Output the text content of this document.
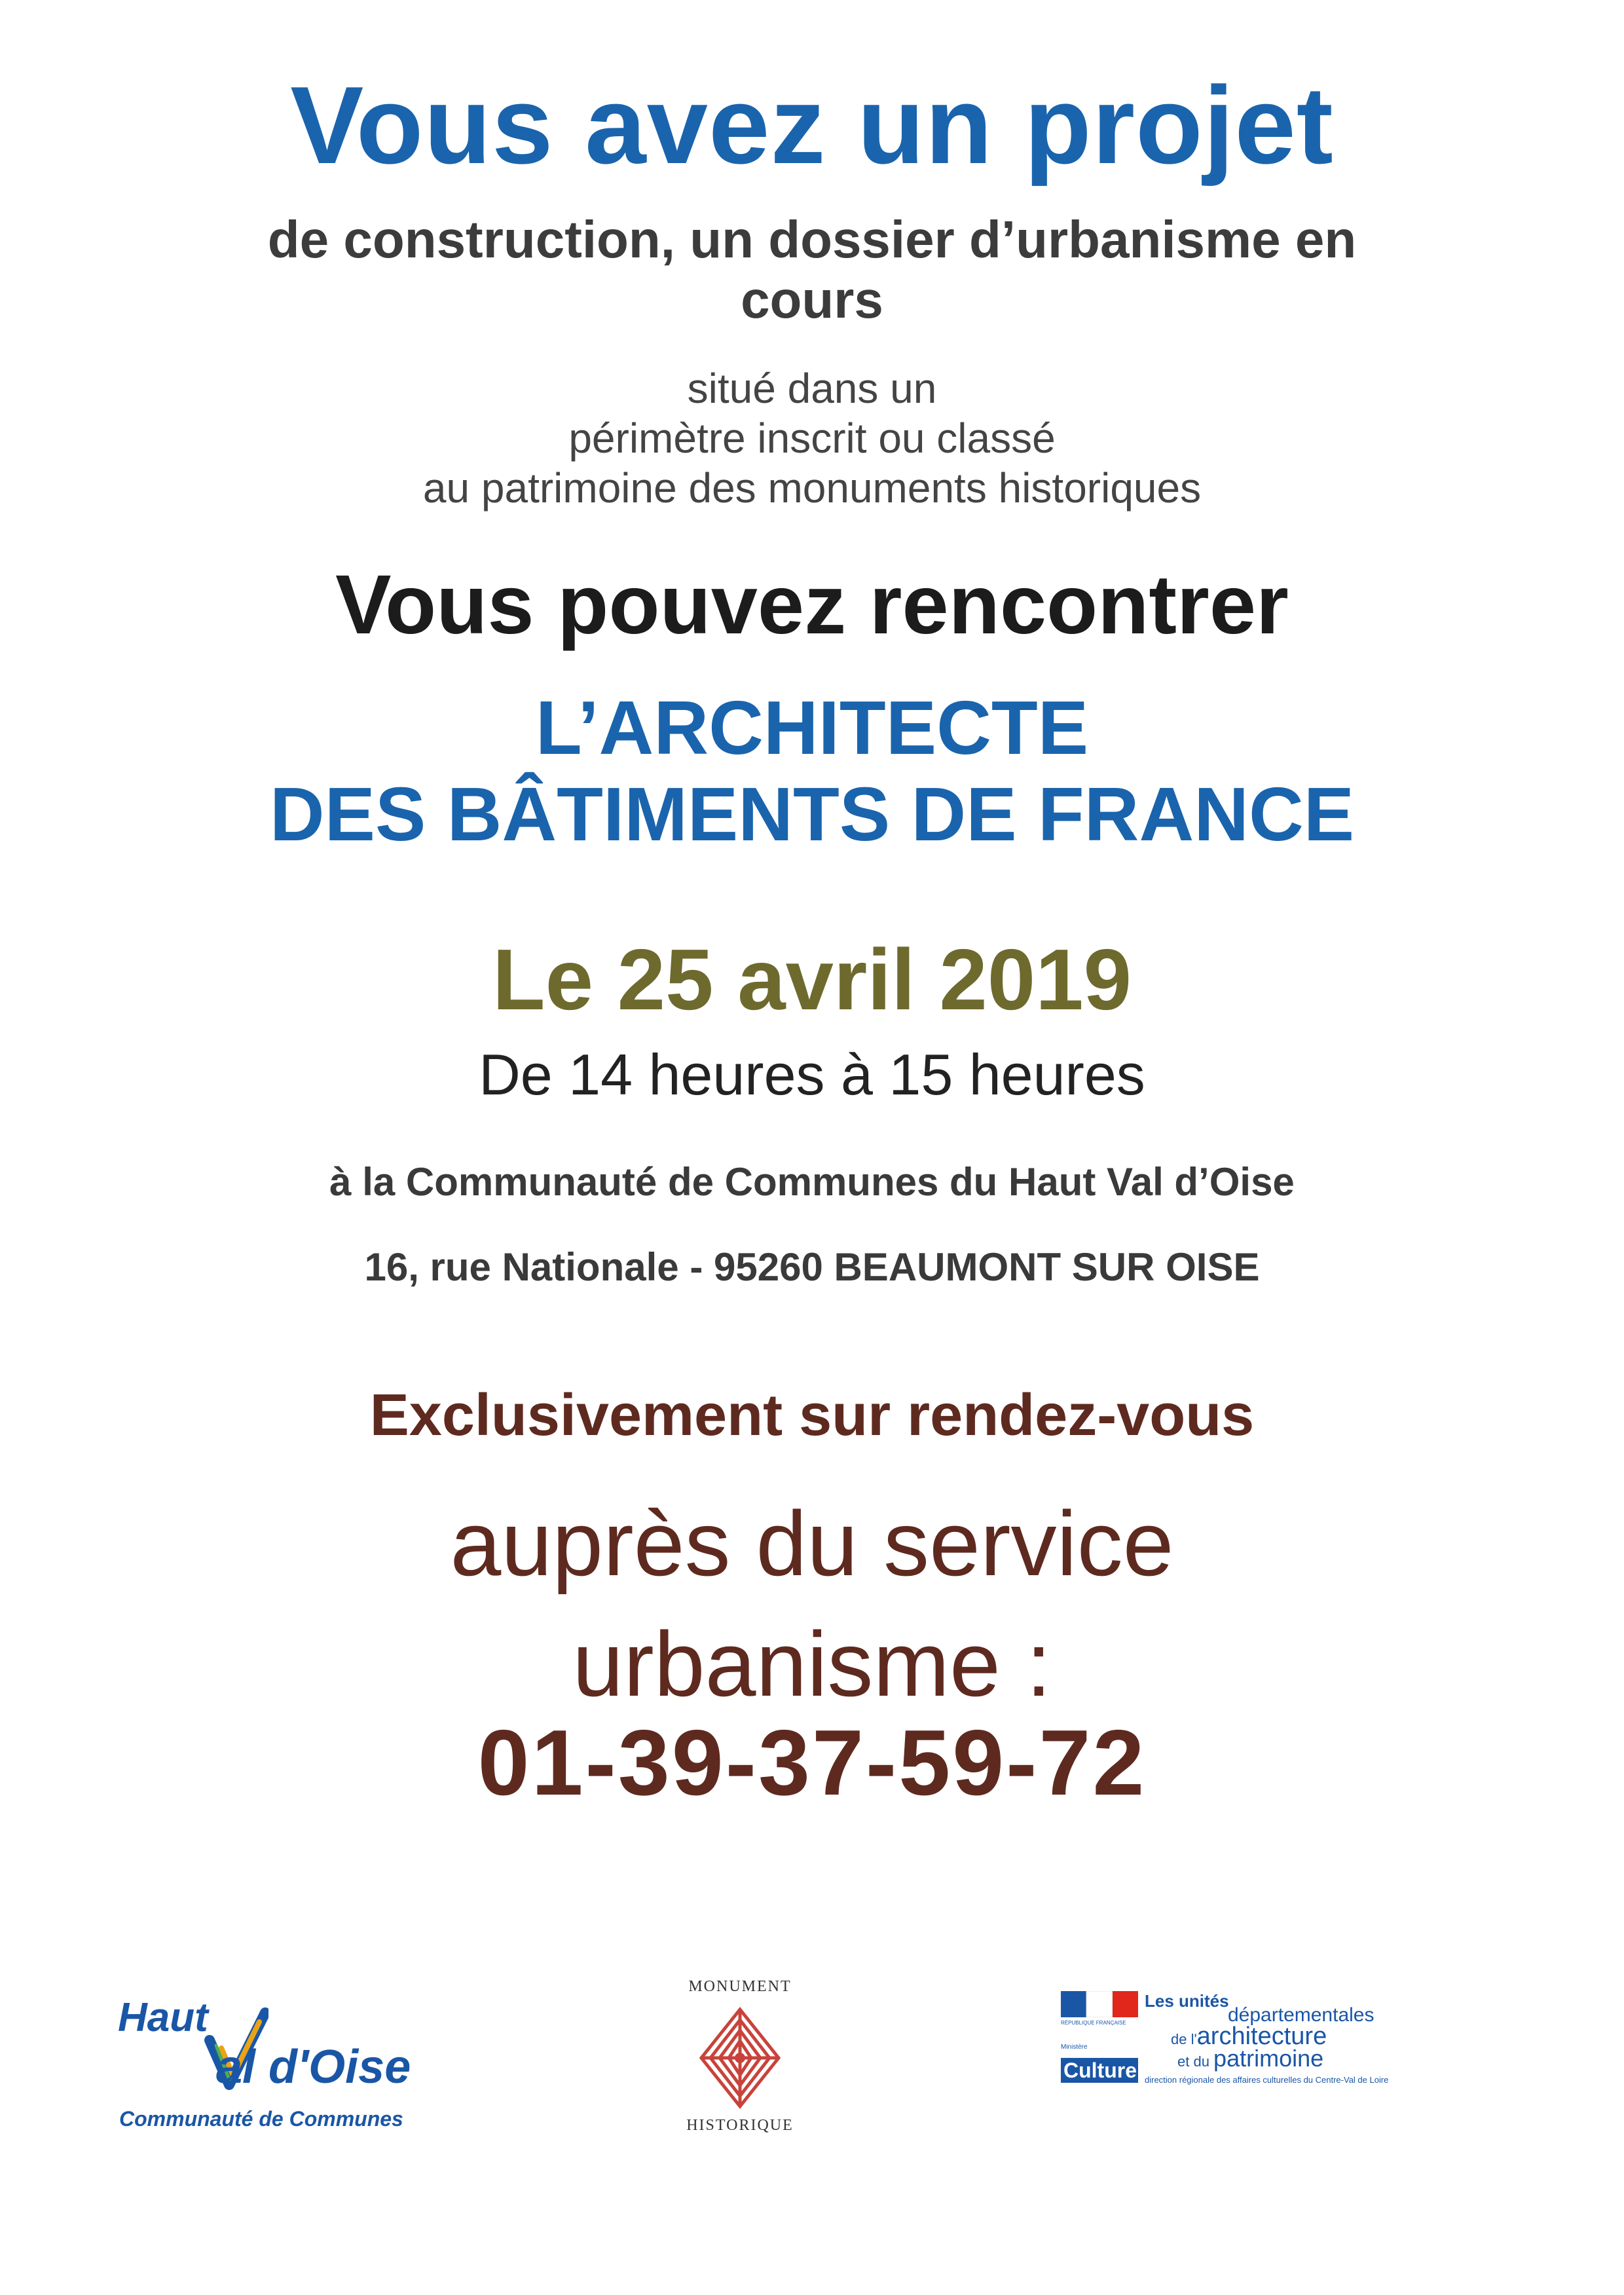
Vous avez un projet
de construction, un dossier d’urbanisme en
cours
situé dans un
périmètre inscrit ou classé
au patrimoine des monuments historiques
Vous pouvez rencontrer
L’ARCHITECTE
DES BÂTIMENTS DE FRANCE
Le 25 avril 2019
De 14 heures à 15 heures
à la Communauté de Communes du Haut Val d’Oise
16, rue Nationale - 95260 BEAUMONT SUR OISE
Exclusivement sur rendez-vous
auprès du service
urbanisme :
01-39-37-59-72
Haut
al d'Oise
Communauté de Communes
MONUMENT
HISTORIQUE
RÉPUBLIQUE FRANÇAISE
Ministère
Culture
Les unités
départementales
de l'architecture
et du patrimoine
direction régionale des affaires culturelles du Centre-Val de Loire
